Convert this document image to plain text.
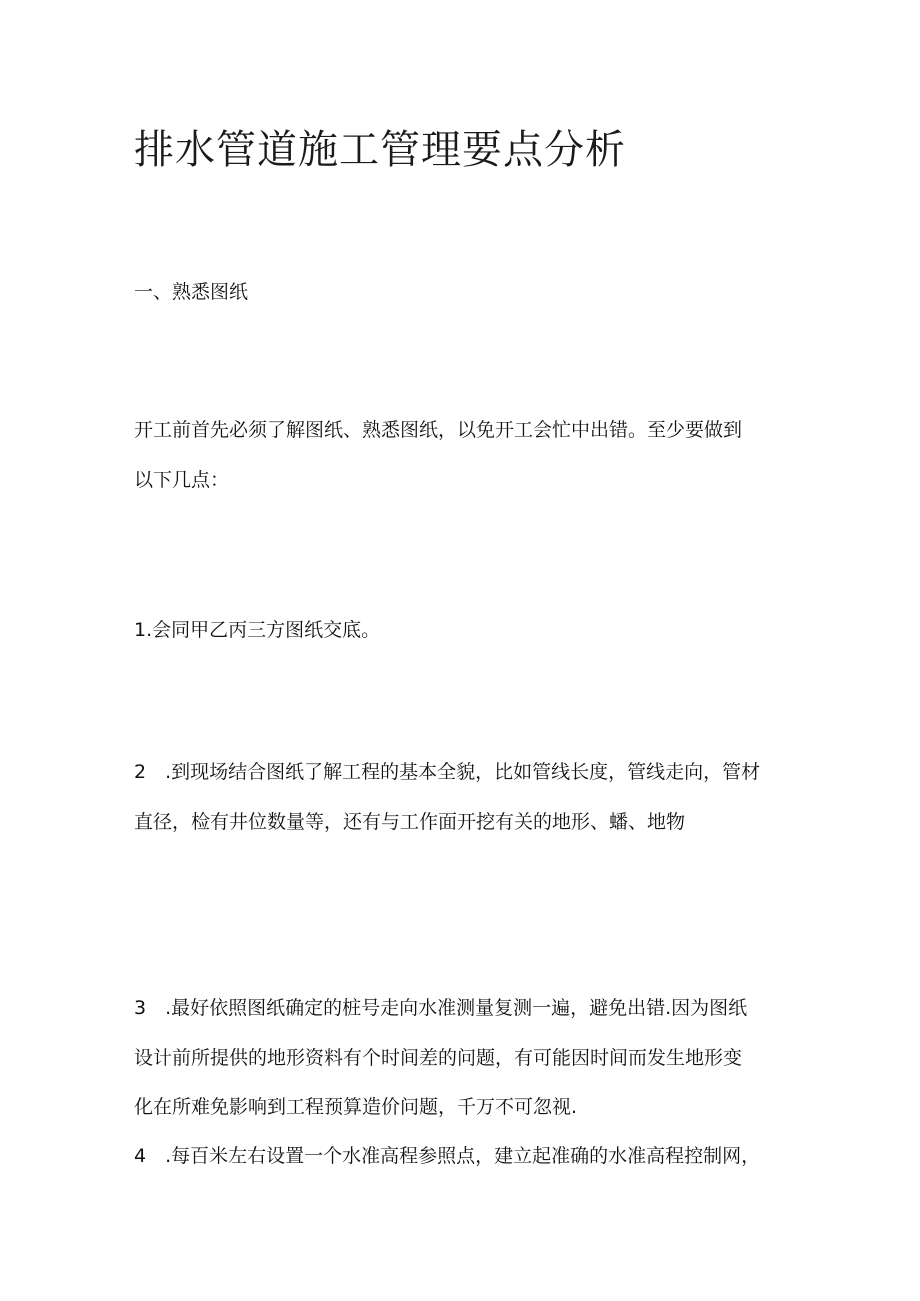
排水管道施工管理要点分析

一、熟悉图纸

开工前首先必须了解图纸、熟悉图纸，以免开工会忙中出错。至少要做到

以下几点：

1.会同甲乙丙三方图纸交底。

2　.到现场结合图纸了解工程的基本全貌，比如管线长度，管线走向，管材

直径，检有井位数量等，还有与工作面开挖有关的地形、蟠、地物

3　.最好依照图纸确定的桩号走向水准测量复测一遍，避免出错.因为图纸

设计前所提供的地形资料有个时间差的问题，有可能因时间而发生地形变

化在所难免影响到工程预算造价问题，千万不可忽视.

4　.每百米左右设置一个水准高程参照点，建立起准确的水准高程控制网，
